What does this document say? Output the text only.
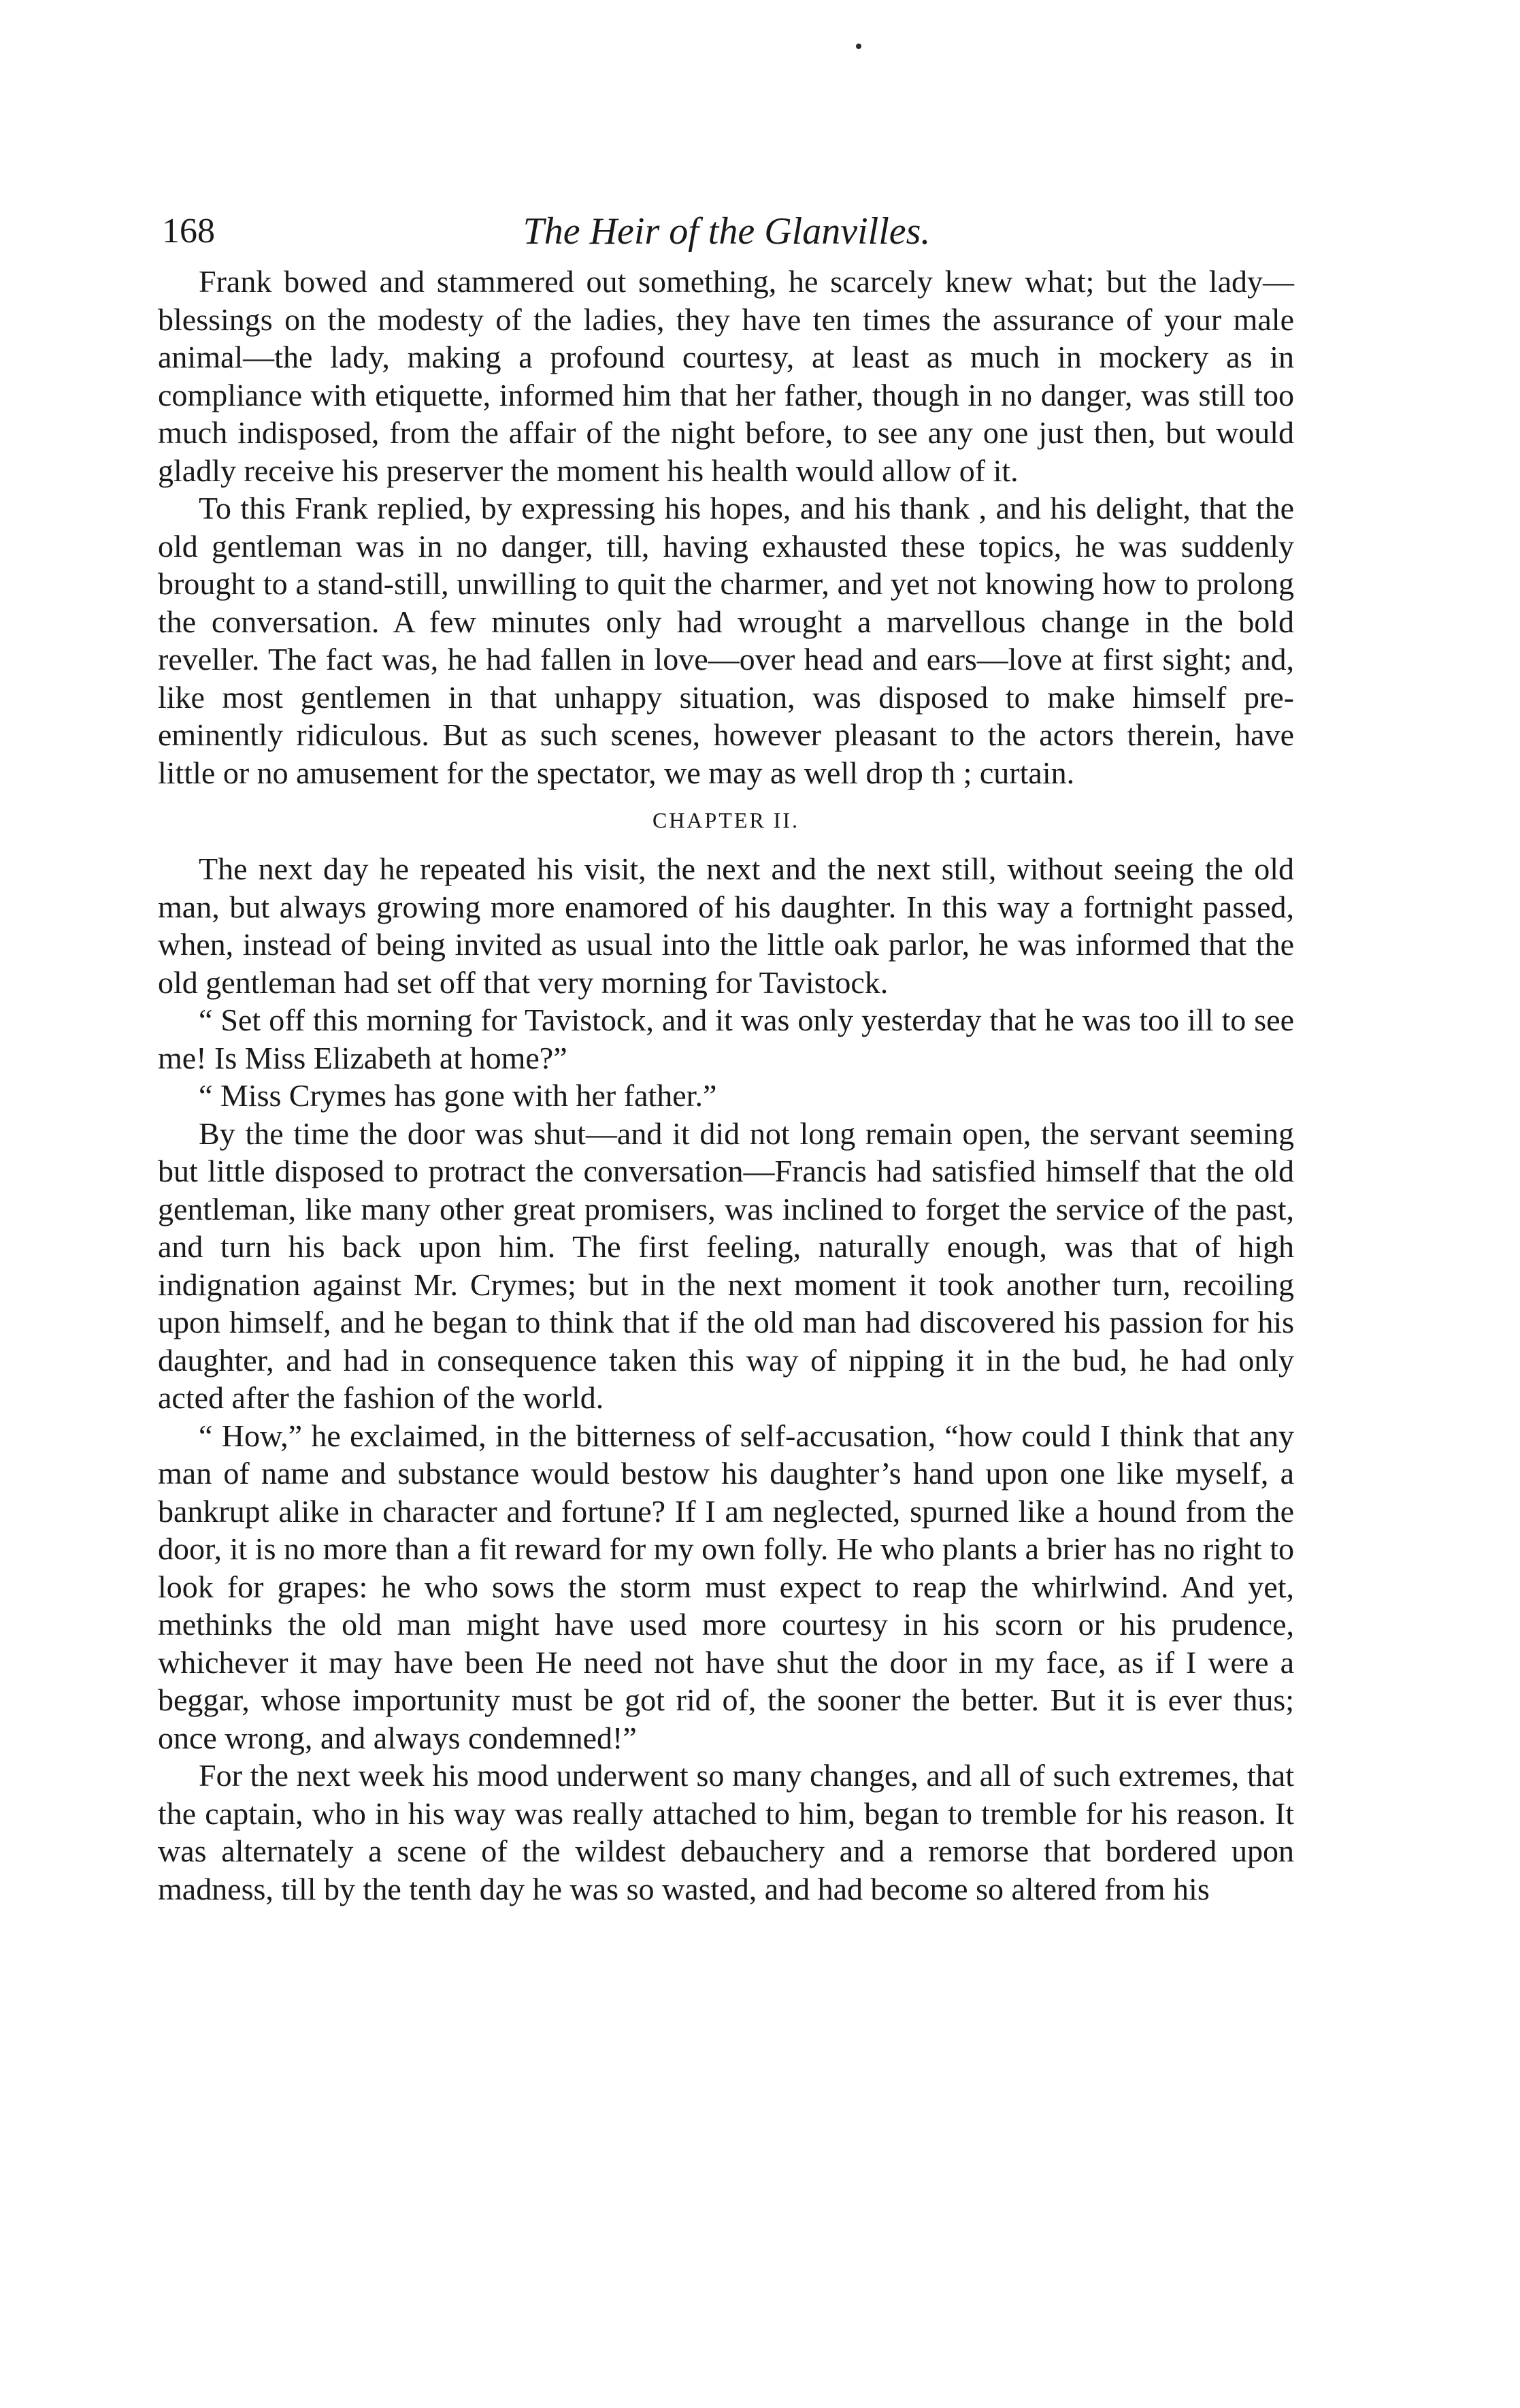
168	The Heir of the Glanvilles.

Frank bowed and stammered out something, he scarcely knew what; but the lady—blessings on the modesty of the ladies, they have ten times the assurance of your male animal—the lady, making a profound courtesy, at least as much in mockery as in compliance with etiquette, informed him that her father, though in no danger, was still too much indisposed, from the affair of the night before, to see any one just then, but would gladly receive his preserver the moment his health would allow of it.

To this Frank replied, by expressing his hopes, and his thank , and his delight, that the old gentleman was in no danger, till, having exhausted these topics, he was suddenly brought to a stand-still, unwilling to quit the charmer, and yet not knowing how to prolong the conversation. A few minutes only had wrought a marvellous change in the bold reveller. The fact was, he had fallen in love—over head and ears—love at first sight; and, like most gentlemen in that unhappy situation, was disposed to make himself pre-eminently ridiculous. But as such scenes, however pleasant to the actors therein, have little or no amusement for the spectator, we may as well drop th ; curtain.

CHAPTER II.

The next day he repeated his visit, the next and the next still, without seeing the old man, but always growing more enamored of his daughter. In this way a fortnight passed, when, instead of being invited as usual into the little oak parlor, he was informed that the old gentleman had set off that very morning for Tavistock.

“ Set off this morning for Tavistock, and it was only yesterday that he was too ill to see me! Is Miss Elizabeth at home?”

“ Miss Crymes has gone with her father.”

By the time the door was shut—and it did not long remain open, the servant seeming but little disposed to protract the conversation—Francis had satisfied himself that the old gentleman, like many other great promisers, was inclined to forget the service of the past, and turn his back upon him. The first feeling, naturally enough, was that of high indignation against Mr. Crymes; but in the next moment it took another turn, recoiling upon himself, and he began to think that if the old man had discovered his passion for his daughter, and had in consequence taken this way of nipping it in the bud, he had only acted after the fashion of the world.

“ How,” he exclaimed, in the bitterness of self-accusation, “how could I think that any man of name and substance would bestow his daughter’s hand upon one like myself, a bankrupt alike in character and fortune? If I am neglected, spurned like a hound from the door, it is no more than a fit reward for my own folly. He who plants a brier has no right to look for grapes: he who sows the storm must expect to reap the whirlwind. And yet, methinks the old man might have used more courtesy in his scorn or his prudence, whichever it may have been He need not have shut the door in my face, as if I were a beggar, whose importunity must be got rid of, the sooner the better. But it is ever thus; once wrong, and always condemned!”

For the next week his mood underwent so many changes, and all of such extremes, that the captain, who in his way was really attached to him, began to tremble for his reason. It was alternately a scene of the wildest debauchery and a remorse that bordered upon madness, till by the tenth day he was so wasted, and had become so altered from his
